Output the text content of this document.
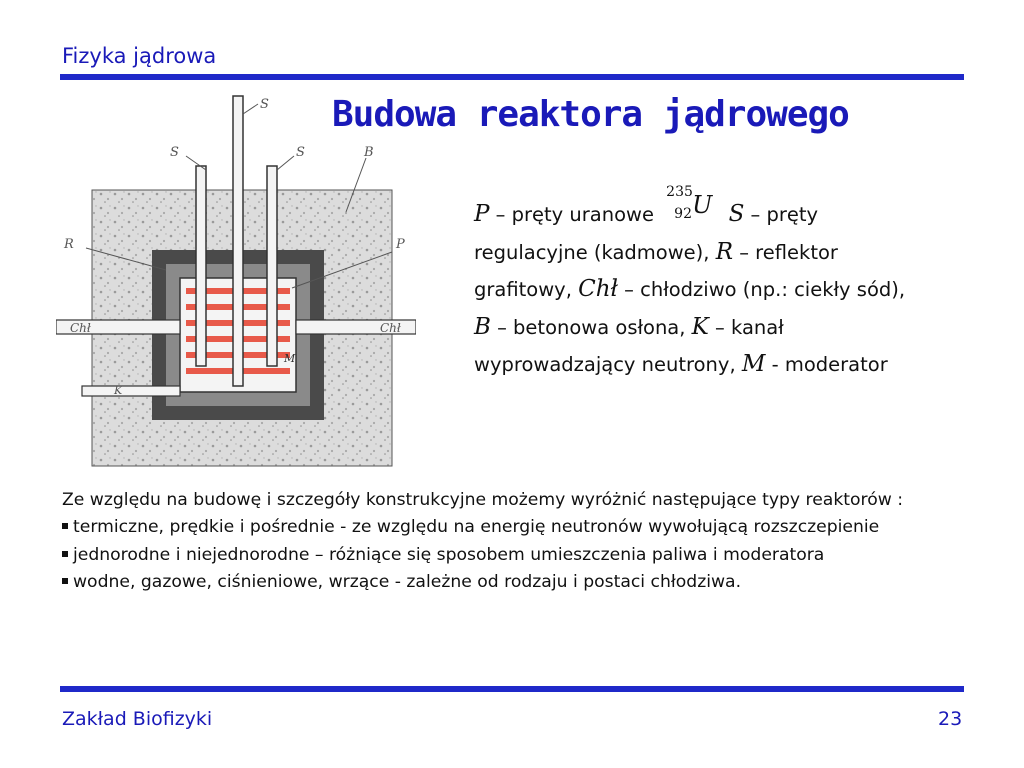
Fizyka jądrowa
Budowa reaktora jądrowego
S
S	S	B
R	P
Chł	Chł
M
K
P – pręty uranowe
235
92 U S – pręty regulacyjne (kadmowe), R – reflektor grafitowy, Chł – chłodziwo (np.: ciekły sód), B – betonowa osłona, K – kanał wyprowadzający neutrony, M - moderator

Ze względu na budowę i szczegóły konstrukcyjne możemy wyróżnić następujące typy reaktorów :

termiczne, prędkie i pośrednie - ze względu na energię neutronów wywołującą rozszczepienie

jednorodne i niejednorodne – różniące się sposobem umieszczenia paliwa i moderatora

wodne, gazowe, ciśnieniowe, wrzące - zależne od rodzaju i postaci chłodziwa.

Zakład Biofizyki	23
